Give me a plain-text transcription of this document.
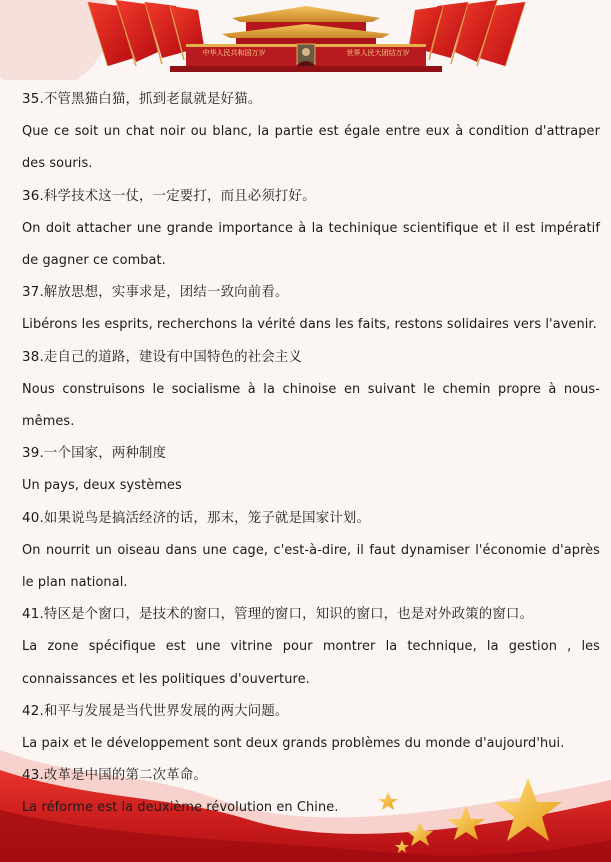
中华人民共和国万岁	世界人民大团结万岁

35.不管黑猫白猫，抓到老鼠就是好猫。

Que ce soit un chat noir ou blanc, la partie est égale entre eux à condition d'attraper des souris.

36.科学技术这一仗，一定要打，而且必须打好。

On doit attacher une grande importance à la techinique scientifique et il est impératif de gagner ce combat.

37.解放思想，实事求是，团结一致向前看。

Libérons les esprits, recherchons la vérité dans les faits, restons solidaires vers l'avenir.

38.走自己的道路，建设有中国特色的社会主义

Nous construisons le socialisme à la chinoise en suivant le chemin propre à nous-mêmes.

39.一个国家，两种制度

Un pays, deux systèmes

40.如果说鸟是搞活经济的话，那末，笼子就是国家计划。

On nourrit un oiseau dans une cage, c'est-à-dire, il faut dynamiser l'économie d'après le plan national.

41.特区是个窗口，是技术的窗口，管理的窗口，知识的窗口，也是对外政策的窗口。

La zone spécifique est une vitrine pour montrer la technique, la gestion , les connaissances et les politiques d'ouverture.

42.和平与发展是当代世界发展的两大问题。

La paix et le développement sont deux grands problèmes du monde d'aujourd'hui.

43.改革是中国的第二次革命。

La réforme est la deuxième révolution en Chine.
